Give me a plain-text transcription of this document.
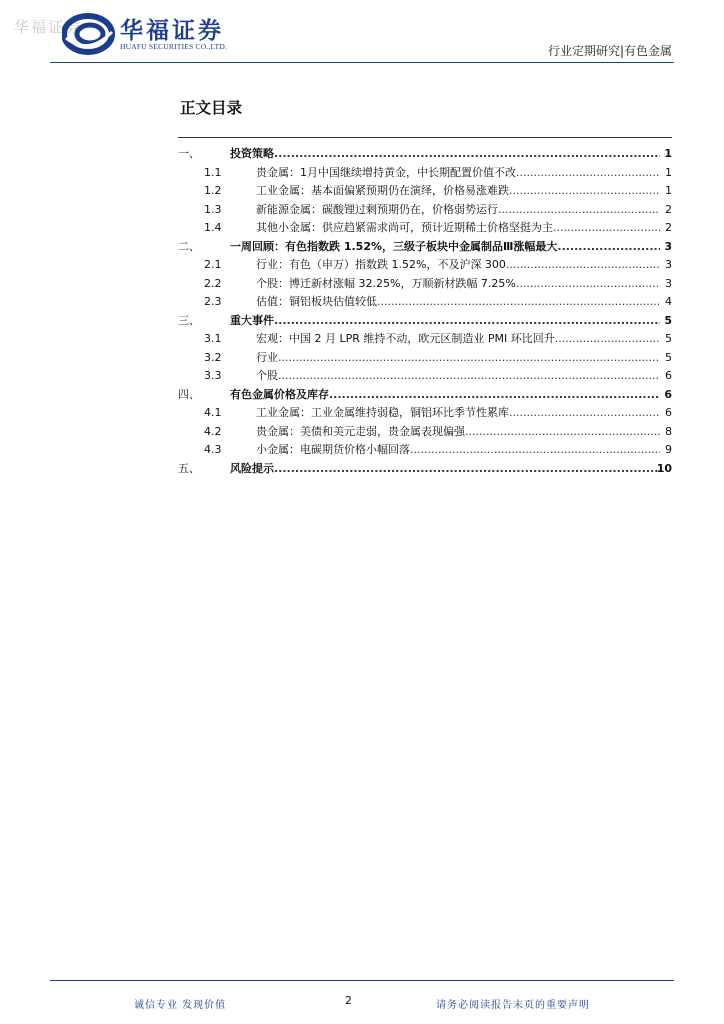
华福证券 华福证券
HUAFU SECURITIES CO.,LTD.	行业定期研究|有色金属
正文目录
一、	投资策略 .....	1
1.1	贵金属：1月中国继续增持黄金，中长期配置价值不改 .....	1
1.2	工业金属：基本面偏紧预期仍在演绎，价格易涨难跌 .....	1
1.3	新能源金属：碳酸锂过剩预期仍在，价格弱势运行 .....	2
1.4	其他小金属：供应趋紧需求尚可，预计近期稀土价格坚挺为主 .....	2
二、	一周回顾：有色指数跌 1.52%，三级子板块中金属制品Ⅲ涨幅最大 .....	3
2.1	行业：有色（申万）指数跌 1.52%，不及沪深 300 .....	3
2.2	个股：博迁新材涨幅 32.25%，万顺新材跌幅 7.25% .....	3
2.3	估值：铜铝板块估值较低 .....	4
三、	重大事件 .....	5
3.1	宏观：中国 2 月 LPR 维持不动，欧元区制造业 PMI 环比回升 .....	5
3.2	行业 .....	5
3.3	个股 .....	6
四、	有色金属价格及库存 .....	6
4.1	工业金属：工业金属维持弱稳，铜铝环比季节性累库 .....	6
4.2	贵金属：美债和美元走弱，贵金属表现偏强 .....	8
4.3	小金属：电碳期货价格小幅回落 .....	9
五、	风险提示 .....	10
诚信专业 发现价值	2	请务必阅读报告末页的重要声明
